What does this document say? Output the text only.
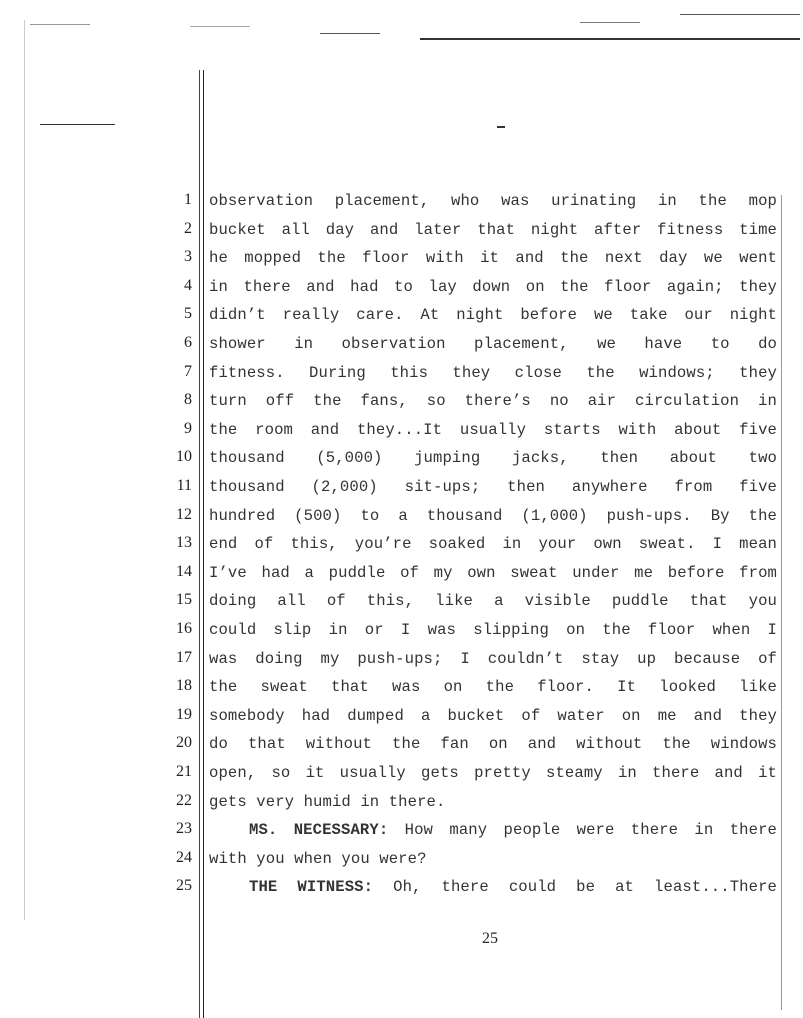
1 observation placement, who was urinating in the mop
2 bucket all day and later that night after fitness time
3 he mopped the floor with it and the next day we went
4 in there and had to lay down on the floor again; they
5 didn’t really care. At night before we take our night
6 shower in observation placement, we have to do
7 fitness. During this they close the windows; they
8 turn off the fans, so there’s no air circulation in
9 the room and they...It usually starts with about five
10 thousand (5,000) jumping jacks, then about two
11 thousand (2,000) sit-ups; then anywhere from five
12 hundred (500) to a thousand (1,000) push-ups. By the
13 end of this, you’re soaked in your own sweat. I mean
14 I’ve had a puddle of my own sweat under me before from
15 doing all of this, like a visible puddle that you
16 could slip in or I was slipping on the floor when I
17 was doing my push-ups; I couldn’t stay up because of
18 the sweat that was on the floor. It looked like
19 somebody had dumped a bucket of water on me and they
20 do that without the fan on and without the windows
21 open, so it usually gets pretty steamy in there and it
22 gets very humid in there.
23	MS. NECESSARY: How many people were there in there
24 with you when you were?
25	THE WITNESS: Oh, there could be at least...There
25
